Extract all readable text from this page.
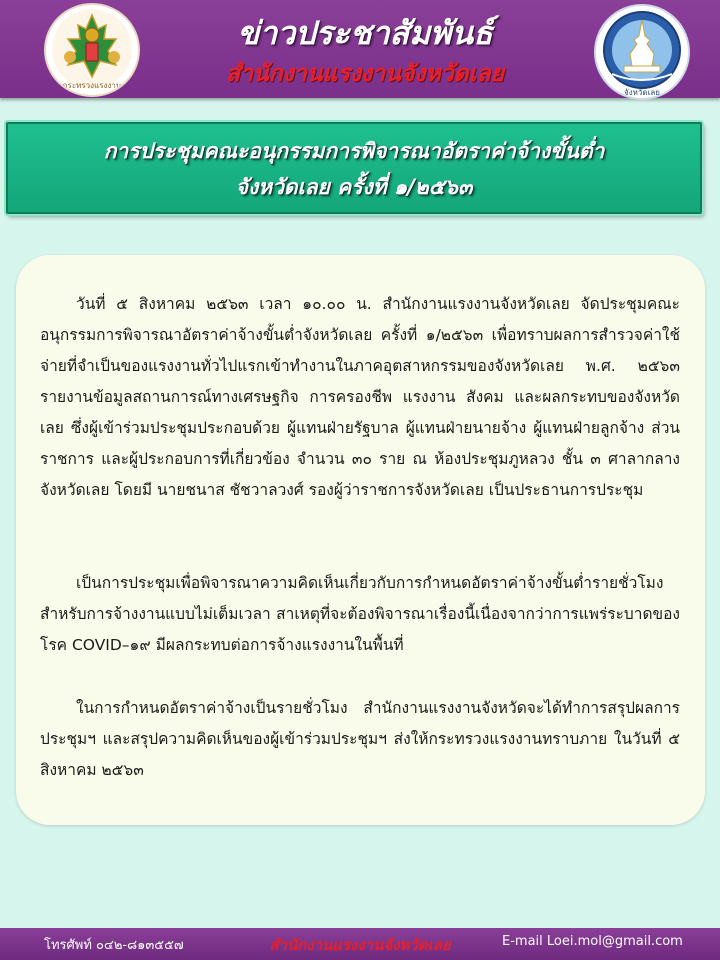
กระทรวงแรงงาน
ข่าวประชาสัมพันธ์
สำนักงานแรงงานจังหวัดเลย
จังหวัดเลย
การประชุมคณะอนุกรรมการพิจารณาอัตราค่าจ้างขั้นต่ำ
จังหวัดเลย ครั้งที่ ๑/๒๕๖๓

วันที่ ๕ สิงหาคม ๒๕๖๓ เวลา ๑๐.๐๐ น. สำนักงานแรงงานจังหวัดเลย จัดประชุมคณะอนุกรรมการพิจารณาอัตราค่าจ้างขั้นต่ำจังหวัดเลย ครั้งที่ ๑/๒๕๖๓ เพื่อทราบผลการสำรวจค่าใช้จ่ายที่จำเป็นของแรงงานทั่วไปแรกเข้าทำงานในภาคอุตสาหกรรมของจังหวัดเลย พ.ศ. ๒๕๖๓ รายงานข้อมูลสถานการณ์ทางเศรษฐกิจ การครองชีพ แรงงาน สังคม และผลกระทบของจังหวัดเลย ซึ่งผู้เข้าร่วมประชุมประกอบด้วย ผู้แทนฝ่ายรัฐบาล ผู้แทนฝ่ายนายจ้าง ผู้แทนฝ่ายลูกจ้าง ส่วนราชการ และผู้ประกอบการที่เกี่ยวข้อง จำนวน ๓๐ ราย ณ ห้องประชุมภูหลวง ชั้น ๓ ศาลากลางจังหวัดเลย โดยมี นายชนาส ชัชวาลวงศ์ รองผู้ว่าราชการจังหวัดเลย เป็นประธานการประชุม

เป็นการประชุมเพื่อพิจารณาความคิดเห็นเกี่ยวกับการกำหนดอัตราค่าจ้างขั้นต่ำรายชั่วโมงสำหรับการจ้างงานแบบไม่เต็มเวลา สาเหตุที่จะต้องพิจารณาเรื่องนี้เนื่องจากว่าการแพร่ระบาดของโรค COVID–๑๙ มีผลกระทบต่อการจ้างแรงงานในพื้นที่

ในการกำหนดอัตราค่าจ้างเป็นรายชั่วโมง สำนักงานแรงงานจังหวัดจะได้ทำการสรุปผลการประชุมฯ และสรุปความคิดเห็นของผู้เข้าร่วมประชุมฯ ส่งให้กระทรวงแรงงานทราบภาย ในวันที่ ๕ สิงหาคม ๒๕๖๓

โทรศัพท์ ๐๔๒-๘๑๓๕๕๗	สำนักงานแรงงานจังหวัดเลย	E-mail Loei.mol@gmail.com
